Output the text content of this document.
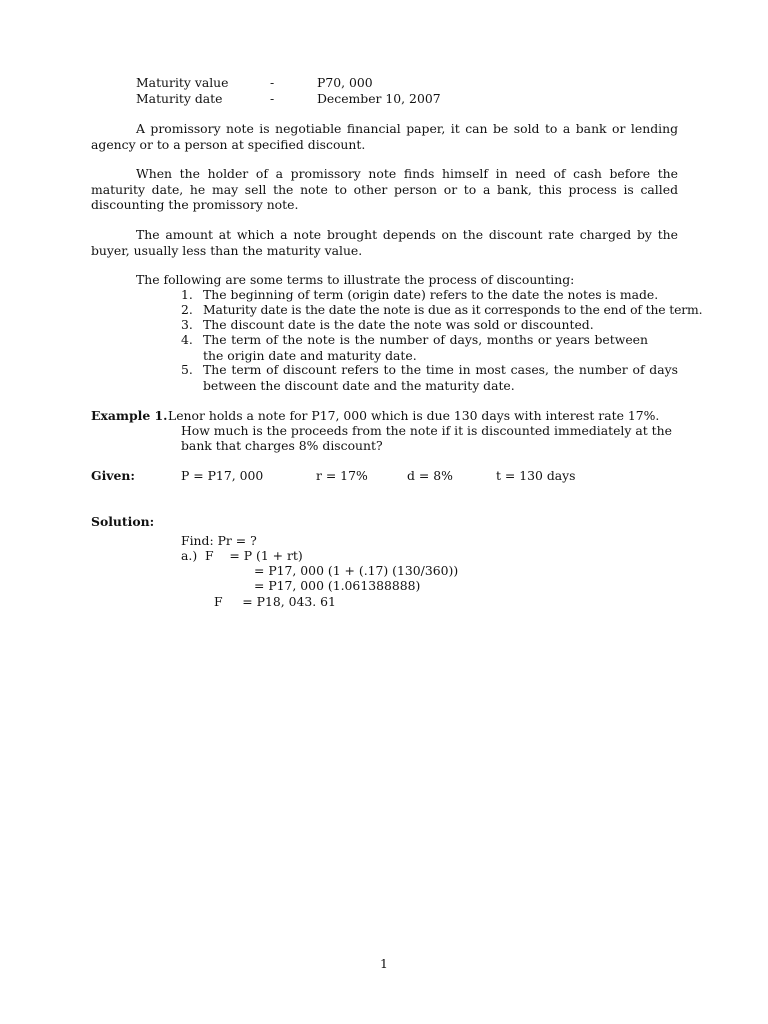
Maturity value	-	P70, 000
Maturity date	-	December 10, 2007
A promissory note is negotiable financial paper, it can be sold to a bank or lending agency or to a person at specified discount.
When the holder of a promissory note finds himself in need of cash before the maturity date, he may sell the note to other person or to a bank, this process is called discounting the promissory note.
The amount at which a note brought depends on the discount rate charged by the buyer, usually less than the maturity value.
The following are some terms to illustrate the process of discounting:
1. The beginning of term (origin date) refers to the date the notes is made.
2. Maturity date is the date the note is due as it corresponds to the end of the term.
3. The discount date is the date the note was sold or discounted.
4. The term of the note is the number of days, months or years between the origin date and maturity date.
5. The term of discount refers to the time in most cases, the number of days between the discount date and the maturity date.
Example 1. Lenor holds a note for P17, 000 which is due 130 days with interest rate 17%.
How much is the proceeds from the note if it is discounted immediately at the
bank that charges 8% discount?
Given:	P = P17, 000	r = 17%	d = 8%	t = 130 days
Solution:
Find: Pr = ?
a.)  F    = P (1 + rt)
= P17, 000 (1 + (.17) (130/360))
= P17, 000 (1.061388888)
F     = P18, 043. 61
1
